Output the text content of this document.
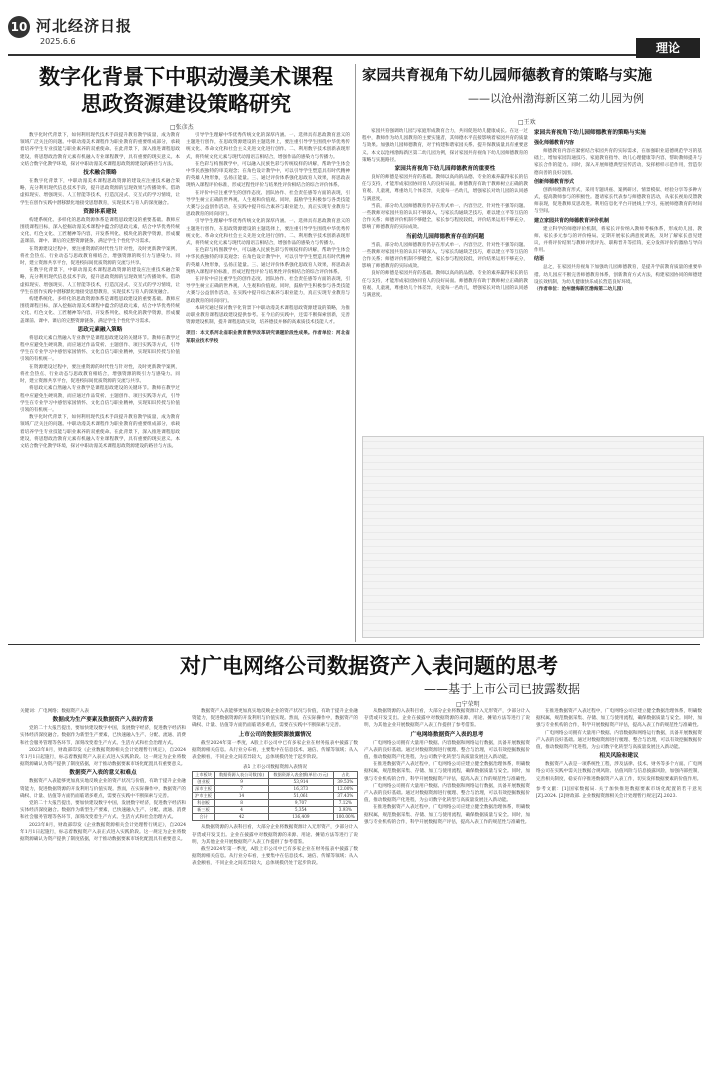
10 河北经济日报
2025.6.6	理论
数字化背景下中职动漫美术课程
思政资源建设策略研究
□张彦杰

数字化时代背景下，如何利用现代技术手段提升教育教学质量，成为教育领域广泛关注的问题。中职动漫美术课程作为职业教育的重要组成部分，承载着培养学生专业技能与职业素养的双重使命。在此背景下，深入推进课程思政建设，将思想政治教育元素有机融入专业课程教学，具有重要的现实意义。本文结合数字化教学环境，探讨中职动漫美术课程思政资源建设的路径与方法。

技术融合策略

在数字化背景下，中职动漫美术课程思政资源的建设应注重技术融合策略，充分利用现代信息技术手段，提升思政资源的呈现效果与传播效率。借助虚拟现实、增强现实、人工智能等技术，打造沉浸式、交互式的学习情境，让学生在创作实践中潜移默化地接受思想教育，实现技术与育人的深度融合。

资源体系建设

构建系统化、多样化的思政资源体系是课程思政建设的重要基础。教师应围绕课程目标，深入挖掘动漫美术课程中蕴含的思政元素，结合中华优秀传统文化、红色文化、工匠精神等内容，开发系列化、模块化的教学资源，形成覆盖课前、课中、课后的完整资源链条，满足学生个性化学习需求。

在资源建设过程中，要注重资源的时代性与针对性，及时更新教学案例，将社会热点、行业动态与思政教育相结合，增强资源的吸引力与感染力。同时，建立资源共享平台，促进校际间优质资源的交流与共享。

在数字化背景下，中职动漫美术课程思政资源的建设应注重技术融合策略，充分利用现代信息技术手段，提升思政资源的呈现效果与传播效率。借助虚拟现实、增强现实、人工智能等技术，打造沉浸式、交互式的学习情境，让学生在创作实践中潜移默化地接受思想教育，实现技术与育人的深度融合。

构建系统化、多样化的思政资源体系是课程思政建设的重要基础。教师应围绕课程目标，深入挖掘动漫美术课程中蕴含的思政元素，结合中华优秀传统文化、红色文化、工匠精神等内容，开发系列化、模块化的教学资源，形成覆盖课前、课中、课后的完整资源链条，满足学生个性化学习需求。

思政元素融入策略

将思政元素自然融入专业教学是课程思政建设的关键环节。教师在教学过程中应避免生硬说教，而应通过作品赏析、主题创作、项目实践等方式，引导学生在专业学习中感悟家国情怀、文化自信与职业精神，实现知识传授与价值引领的有机统一。

在资源建设过程中，要注重资源的时代性与针对性，及时更新教学案例，将社会热点、行业动态与思政教育相结合，增强资源的吸引力与感染力。同时，建立资源共享平台，促进校际间优质资源的交流与共享。

将思政元素自然融入专业教学是课程思政建设的关键环节。教师在教学过程中应避免生硬说教，而应通过作品赏析、主题创作、项目实践等方式，引导学生在专业学习中感悟家国情怀、文化自信与职业精神，实现知识传授与价值引领的有机统一。

数字化时代背景下，如何利用现代技术手段提升教育教学质量，成为教育领域广泛关注的问题。中职动漫美术课程作为职业教育的重要组成部分，承载着培养学生专业技能与职业素养的双重使命。在此背景下，深入推进课程思政建设，将思想政治教育元素有机融入专业课程教学，具有重要的现实意义。本文结合数字化教学环境，探讨中职动漫美术课程思政资源建设的路径与方法。

引导学生理解中华优秀传统文化的深厚内涵。一、选择具有思政教育意义的主题进行创作，在思政资源建设的主题选择上，要注重引导学生围绕中华优秀传统文化、革命文化和社会主义先进文化进行创作。二、利用数字技术创新表现形式，将传统文化元素与现代动漫语言相结合，增强作品的感染力与传播力。

在色彩与构图教学中，可以融入民族色彩与传统纹样的讲解，帮助学生体会中华民族独特的审美观念；在角色设计教学中，可以引导学生塑造具有时代精神的英雄人物形象，弘扬正能量。三、通过评价体系强化思政育人效果，将思政表现纳入课程评价标准，形成过程性评价与结果性评价相结合的综合评价体系。

在评价中应注重学生的创作态度、团队协作、社会责任感等方面的表现，引导学生树立正确的世界观、人生观和价值观。同时，鼓励学生积极参与各类技能大赛与公益创作活动，在实践中提升综合素养与职业能力，真正实现专业教育与思政教育的同向同行。

引导学生理解中华优秀传统文化的深厚内涵。一、选择具有思政教育意义的主题进行创作，在思政资源建设的主题选择上，要注重引导学生围绕中华优秀传统文化、革命文化和社会主义先进文化进行创作。二、利用数字技术创新表现形式，将传统文化元素与现代动漫语言相结合，增强作品的感染力与传播力。

在色彩与构图教学中，可以融入民族色彩与传统纹样的讲解，帮助学生体会中华民族独特的审美观念；在角色设计教学中，可以引导学生塑造具有时代精神的英雄人物形象，弘扬正能量。三、通过评价体系强化思政育人效果，将思政表现纳入课程评价标准，形成过程性评价与结果性评价相结合的综合评价体系。

在评价中应注重学生的创作态度、团队协作、社会责任感等方面的表现，引导学生树立正确的世界观、人生观和价值观。同时，鼓励学生积极参与各类技能大赛与公益创作活动，在实践中提升综合素养与职业能力，真正实现专业教育与思政教育的同向同行。

本研究通过探讨数字化背景下中职动漫美术课程思政资源建设的策略，为推动职业教育课程思政建设提供参考。在今后的实践中，还需不断探索创新，完善资源建设机制，提升课程思政实效，培养德技并修的高素质技术技能人才。

项目：本文系河北省职业教育教学改革研究课题阶段性成果。作者单位：河北省某职业技术学校

家园共育视角下幼儿园师德教育的策略与实施
——以沧州渤海新区第二幼儿园为例
□王欢

家园共育强调幼儿园与家庭形成教育合力，共同促进幼儿健康成长。在这一过程中，教师作为幼儿园教育的主要实施者，其师德水平直接影响着家园共育的质量与效果。加强幼儿园师德教育，对于构建和谐家园关系、提升保教质量具有重要意义。本文以沧州渤海新区第二幼儿园为例，探讨家园共育视角下幼儿园师德教育的策略与实施路径。

家园共育视角下幼儿园师德教育的重要性

良好的师德是家园共育的基础。教师以高尚的品德、专业的素养赢得家长的信任与支持，才能形成家园协同育人的良好局面。师德教育有助于教师树立正确的教育观、儿童观，尊重幼儿个体差异，关爱每一名幼儿，增强家长对幼儿园的认同感与满意度。

当前，部分幼儿园师德教育仍存在形式单一、内容空泛、针对性不强等问题。一些教师对家园共育的认识不够深入，与家长沟通缺乏技巧，难以建立平等互信的合作关系；师德评价机制不够健全，家长参与程度较低，评价结果运用不够充分，影响了师德教育的实际成效。

当前幼儿园师德教育存在的问题

当前，部分幼儿园师德教育仍存在形式单一、内容空泛、针对性不强等问题。一些教师对家园共育的认识不够深入，与家长沟通缺乏技巧，难以建立平等互信的合作关系；师德评价机制不够健全，家长参与程度较低，评价结果运用不够充分，影响了师德教育的实际成效。

良好的师德是家园共育的基础。教师以高尚的品德、专业的素养赢得家长的信任与支持，才能形成家园协同育人的良好局面。师德教育有助于教师树立正确的教育观、儿童观，尊重幼儿个体差异，关爱每一名幼儿，增强家长对幼儿园的认同感与满意度。

家园共育视角下幼儿园师德教育的策略与实施
强化师德教育内容

师德教育内容应紧密结合家园共育的实际需求，在加强职业道德规范学习的基础上，增加家园沟通技巧、家庭教育指导、幼儿心理健康等内容，帮助教师提升与家长合作的能力。同时，深入开展师德典型宣传活动，发挥榜样示范作用，营造崇德向善的良好氛围。

创新师德教育形式

创新师德教育形式，采用专题讲座、案例研讨、情景模拟、经验分享等多种方式，提高教师参与的积极性。邀请家长代表参与师德教育活动，从家长视角反馈教师表现，促进教师反思改进。利用信息化平台开展线上学习，拓展师德教育的时间与空间。

建立家园共育的师德教育评价机制

建立科学的师德评价机制，将家长评价纳入教师考核体系，形成幼儿园、教师、家长多元参与的评价格局。定期开展家长满意度调查，及时了解家长意见建议，并将评价结果与教师评优评先、职称晋升等挂钩，充分发挥评价的激励与导向作用。

结语

总之，在家园共育视角下加强幼儿园师德教育，是提升学前教育质量的重要举措。幼儿园应不断完善师德教育体系，创新教育方式方法，构建家园协同的师德建设长效机制，为幼儿健康快乐成长营造良好环境。

（作者单位：沧州渤海新区渤海第二幼儿园）

对广电网络公司数据资产入表问题的思考
——基于上市公司已披露数据
□宁荣明

关键词：广电网络；数据资产入表

数据成为生产要素及数据资产入表的背景

党的二十大报告提出，要加快建设数字中国，发展数字经济，促进数字经济和实体经济深度融合。数据作为新型生产要素，已快速融入生产、分配、流通、消费和社会服务管理等各环节，深刻改变着生产方式、生活方式和社会治理方式。

2023年8月，财政部印发《企业数据资源相关会计处理暂行规定》，自2024年1月1日起施行，标志着数据资产入表正式进入实践阶段。这一规定为企业将数据资源确认为资产提供了制度依据，对于推动数据要素市场化配置具有重要意义。

数据资产入表的意义和难点

数据资产入表能够更加真实地反映企业的资产状况与价值，有助于提升企业融资能力，促进数据资源的开发利用与价值实现。然而，在实际操作中，数据资产的确权、计量、估值等方面仍面临诸多难点，需要在实践中不断探索与完善。

党的二十大报告提出，要加快建设数字中国，发展数字经济，促进数字经济和实体经济深度融合。数据作为新型生产要素，已快速融入生产、分配、流通、消费和社会服务管理等各环节，深刻改变着生产方式、生活方式和社会治理方式。

2023年8月，财政部印发《企业数据资源相关会计处理暂行规定》，自2024年1月1日起施行，标志着数据资产入表正式进入实践阶段。这一规定为企业将数据资源确认为资产提供了制度依据，对于推动数据要素市场化配置具有重要意义。

数据资产入表能够更加真实地反映企业的资产状况与价值，有助于提升企业融资能力，促进数据资源的开发利用与价值实现。然而，在实际操作中，数据资产的确权、计量、估值等方面仍面临诸多难点，需要在实践中不断探索与完善。

上市公司的数据资源披露情况

截至2024年第一季度，A股上市公司中已有多家企业在财务报表中披露了数据资源相关信息。从行业分布看，主要集中在信息技术、通信、传媒等领域；从入表金额看，不同企业之间差异较大，总体规模仍处于起步阶段。

表1 上市公司数据资源入表情况
上市板块	数据资源入表公司数(家)	数据资源入表金额(单位:万元)	占比
创业板	9	53,914	39.53%
深市主板	7	16,373	12.00%
沪市主板	14	51,061	37.43%
科创板	8	9,707	7.12%
新三板	4	5,354	3.93%
合计	42	136,409	100.00%

从数据资源的入表科目看，大部分企业将数据资源计入无形资产，少部分计入存货或开发支出。企业在披露中对数据资源的来源、用途、摊销方法等进行了说明，为其他企业开展数据资产入表工作提供了参考借鉴。

截至2024年第一季度，A股上市公司中已有多家企业在财务报表中披露了数据资源相关信息。从行业分布看，主要集中在信息技术、通信、传媒等领域；从入表金额看，不同企业之间差异较大，总体规模仍处于起步阶段。

从数据资源的入表科目看，大部分企业将数据资源计入无形资产，少部分计入存货或开发支出。企业在披露中对数据资源的来源、用途、摊销方法等进行了说明，为其他企业开展数据资产入表工作提供了参考借鉴。

广电网络数据资产入表的思考

广电网络公司拥有大量用户数据、内容数据和网络运行数据，具备开展数据资产入表的良好基础。通过对数据资源进行梳理、整合与治理，可以有效挖掘数据价值，推动数据资产化进程，为公司数字化转型与高质量发展注入新动能。

在推进数据资产入表过程中，广电网络公司应建立健全数据治理体系，明确数据权属，规范数据采集、存储、加工与使用流程，确保数据质量与安全。同时，加强与专业机构的合作，科学开展数据资产评估，提高入表工作的规范性与准确性。

广电网络公司拥有大量用户数据、内容数据和网络运行数据，具备开展数据资产入表的良好基础。通过对数据资源进行梳理、整合与治理，可以有效挖掘数据价值，推动数据资产化进程，为公司数字化转型与高质量发展注入新动能。

在推进数据资产入表过程中，广电网络公司应建立健全数据治理体系，明确数据权属，规范数据采集、存储、加工与使用流程，确保数据质量与安全。同时，加强与专业机构的合作，科学开展数据资产评估，提高入表工作的规范性与准确性。

在推进数据资产入表过程中，广电网络公司应建立健全数据治理体系，明确数据权属，规范数据采集、存储、加工与使用流程，确保数据质量与安全。同时，加强与专业机构的合作，科学开展数据资产评估，提高入表工作的规范性与准确性。

广电网络公司拥有大量用户数据、内容数据和网络运行数据，具备开展数据资产入表的良好基础。通过对数据资源进行梳理、整合与治理，可以有效挖掘数据价值，推动数据资产化进程，为公司数字化转型与高质量发展注入新动能。

相关风险和建议

数据资产入表是一项系统性工程，涉及法律、技术、财务等多个方面。广电网络公司在实践中需关注数据合规风险、估值风险与信息披露风险，加强内部控制，完善相关制度，稳妥有序推进数据资产入表工作，切实发挥数据要素的价值作用。

参考文献：[1]国家数据局. 关于加快推进数据要素市场化配置的若干意见[Z].2024. [2]财政部. 企业数据资源相关会计处理暂行规定[Z].2023.
